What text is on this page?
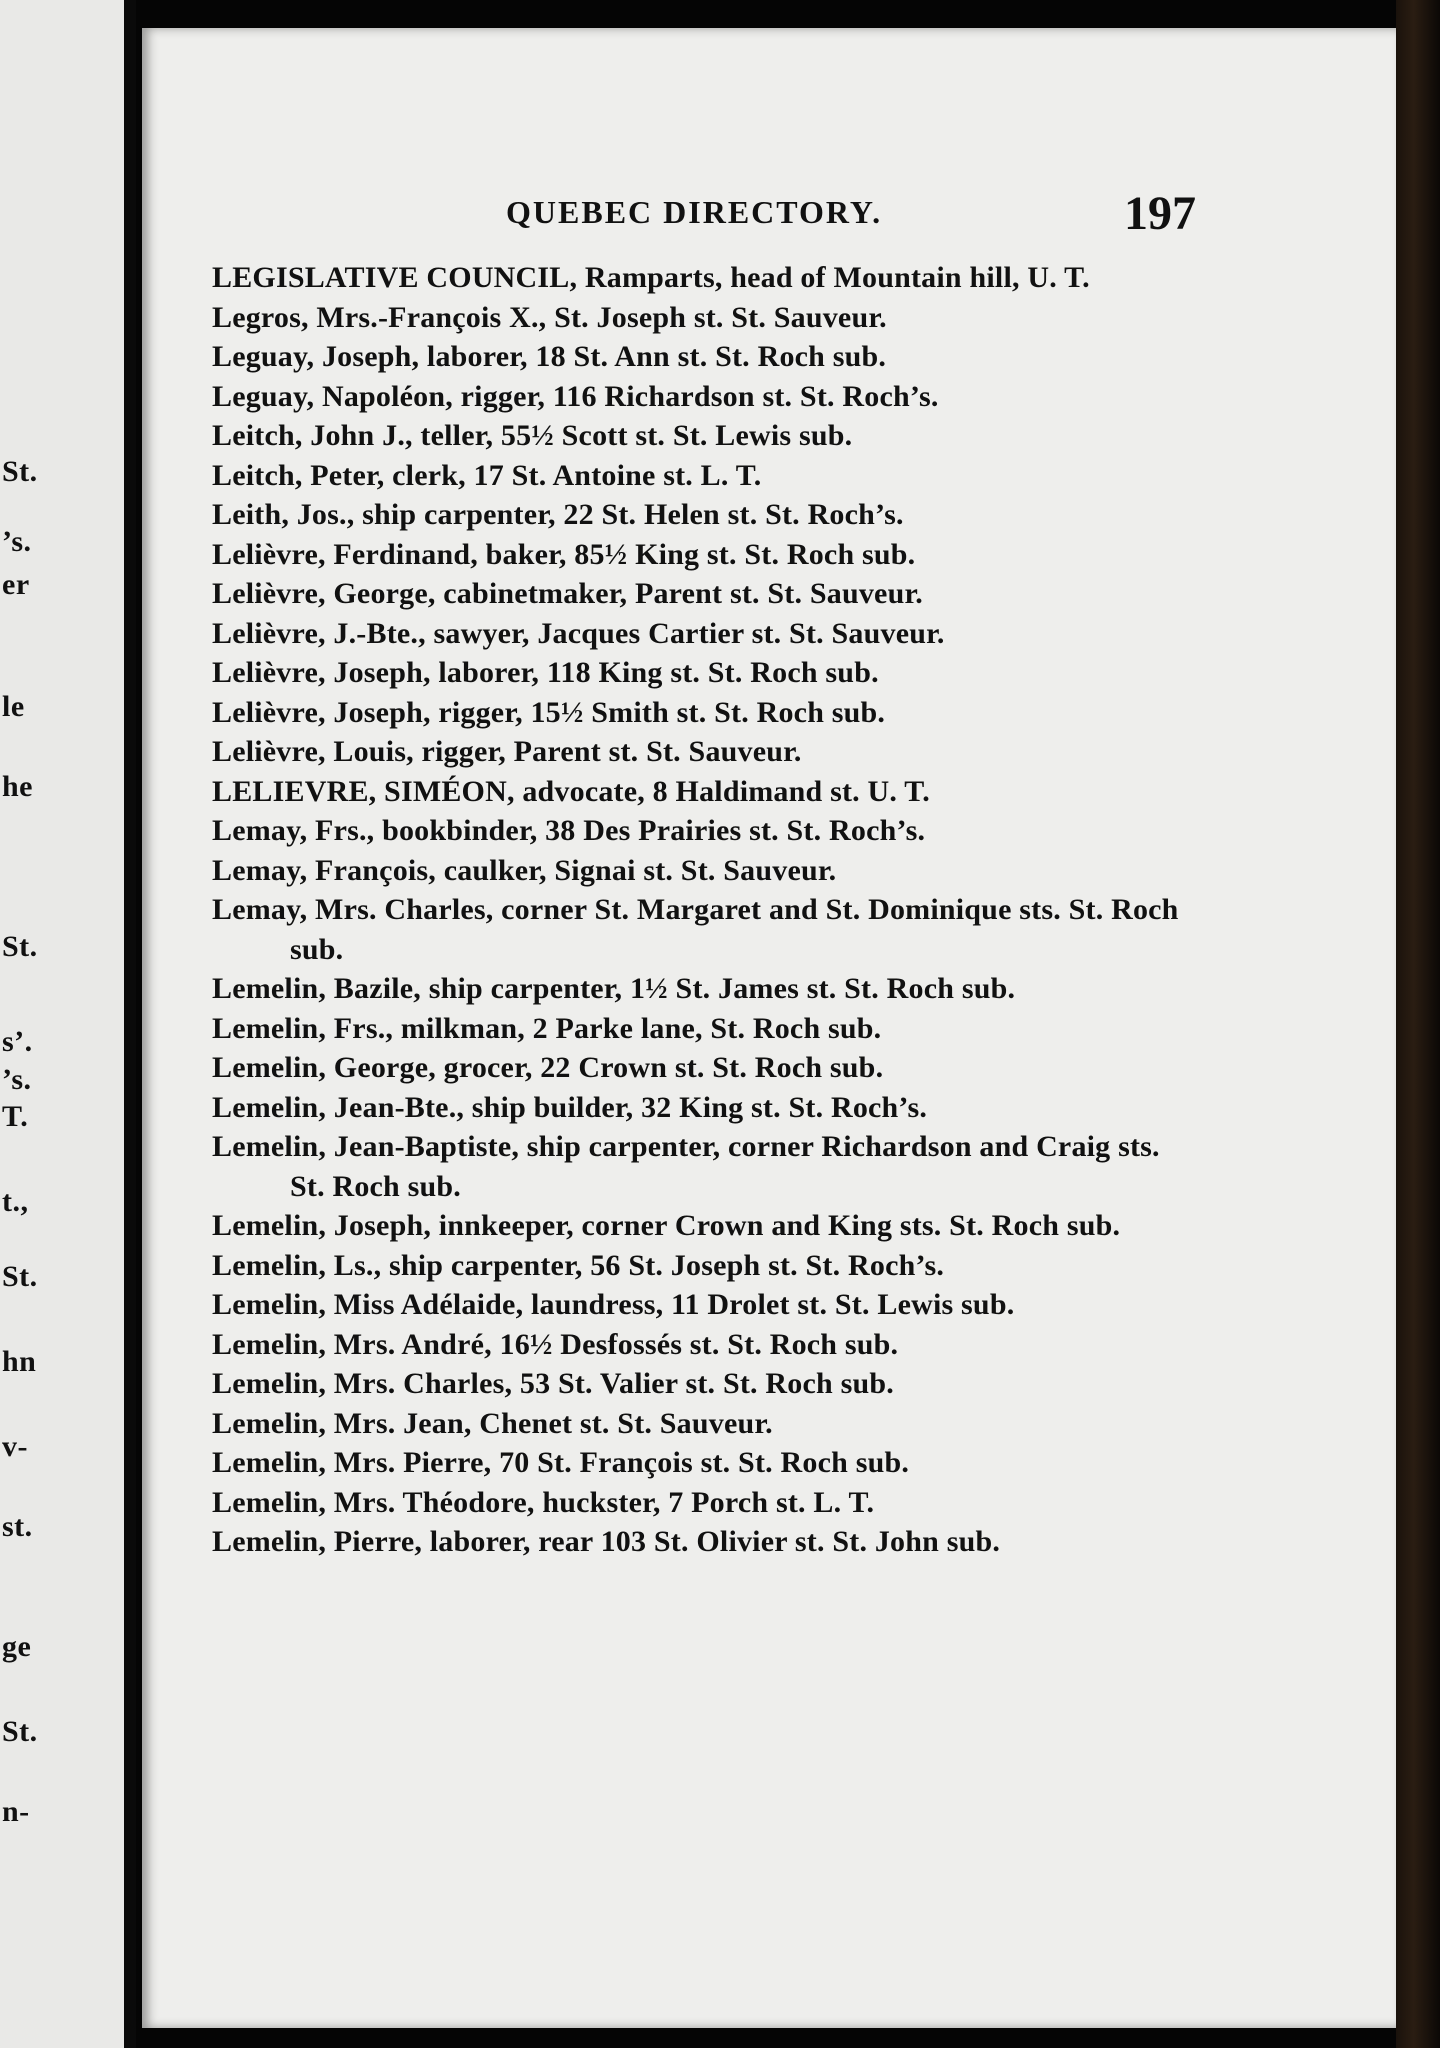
St.
’s.
er
le
he
St.
s’.
’s.
T.
t.,
St.
hn
v-
st.
ge
St.
n-
QUEBEC DIRECTORY.	197

LEGISLATIVE COUNCIL, Ramparts, head of Mountain hill, U. T.

Legros, Mrs.-François X., St. Joseph st. St. Sauveur.

Leguay, Joseph, laborer, 18 St. Ann st. St. Roch sub.

Leguay, Napoléon, rigger, 116 Richardson st. St. Roch’s.

Leitch, John J., teller, 55½ Scott st. St. Lewis sub.

Leitch, Peter, clerk, 17 St. Antoine st. L. T.

Leith, Jos., ship carpenter, 22 St. Helen st. St. Roch’s.

Lelièvre, Ferdinand, baker, 85½ King st. St. Roch sub.

Lelièvre, George, cabinetmaker, Parent st. St. Sauveur.

Lelièvre, J.-Bte., sawyer, Jacques Cartier st. St. Sauveur.

Lelièvre, Joseph, laborer, 118 King st. St. Roch sub.

Lelièvre, Joseph, rigger, 15½ Smith st. St. Roch sub.

Lelièvre, Louis, rigger, Parent st. St. Sauveur.

LELIEVRE, SIMÉON, advocate, 8 Haldimand st. U. T.

Lemay, Frs., bookbinder, 38 Des Prairies st. St. Roch’s.

Lemay, François, caulker, Signai st. St. Sauveur.

Lemay, Mrs. Charles, corner St. Margaret and St. Dominique sts. St. Roch sub.

Lemelin, Bazile, ship carpenter, 1½ St. James st. St. Roch sub.

Lemelin, Frs., milkman, 2 Parke lane, St. Roch sub.

Lemelin, George, grocer, 22 Crown st. St. Roch sub.

Lemelin, Jean-Bte., ship builder, 32 King st. St. Roch’s.

Lemelin, Jean-Baptiste, ship carpenter, corner Richardson and Craig sts. St. Roch sub.

Lemelin, Joseph, innkeeper, corner Crown and King sts. St. Roch sub.

Lemelin, Ls., ship carpenter, 56 St. Joseph st. St. Roch’s.

Lemelin, Miss Adélaide, laundress, 11 Drolet st. St. Lewis sub.

Lemelin, Mrs. André, 16½ Desfossés st. St. Roch sub.

Lemelin, Mrs. Charles, 53 St. Valier st. St. Roch sub.

Lemelin, Mrs. Jean, Chenet st. St. Sauveur.

Lemelin, Mrs. Pierre, 70 St. François st. St. Roch sub.

Lemelin, Mrs. Théodore, huckster, 7 Porch st. L. T.

Lemelin, Pierre, laborer, rear 103 St. Olivier st. St. John sub.
